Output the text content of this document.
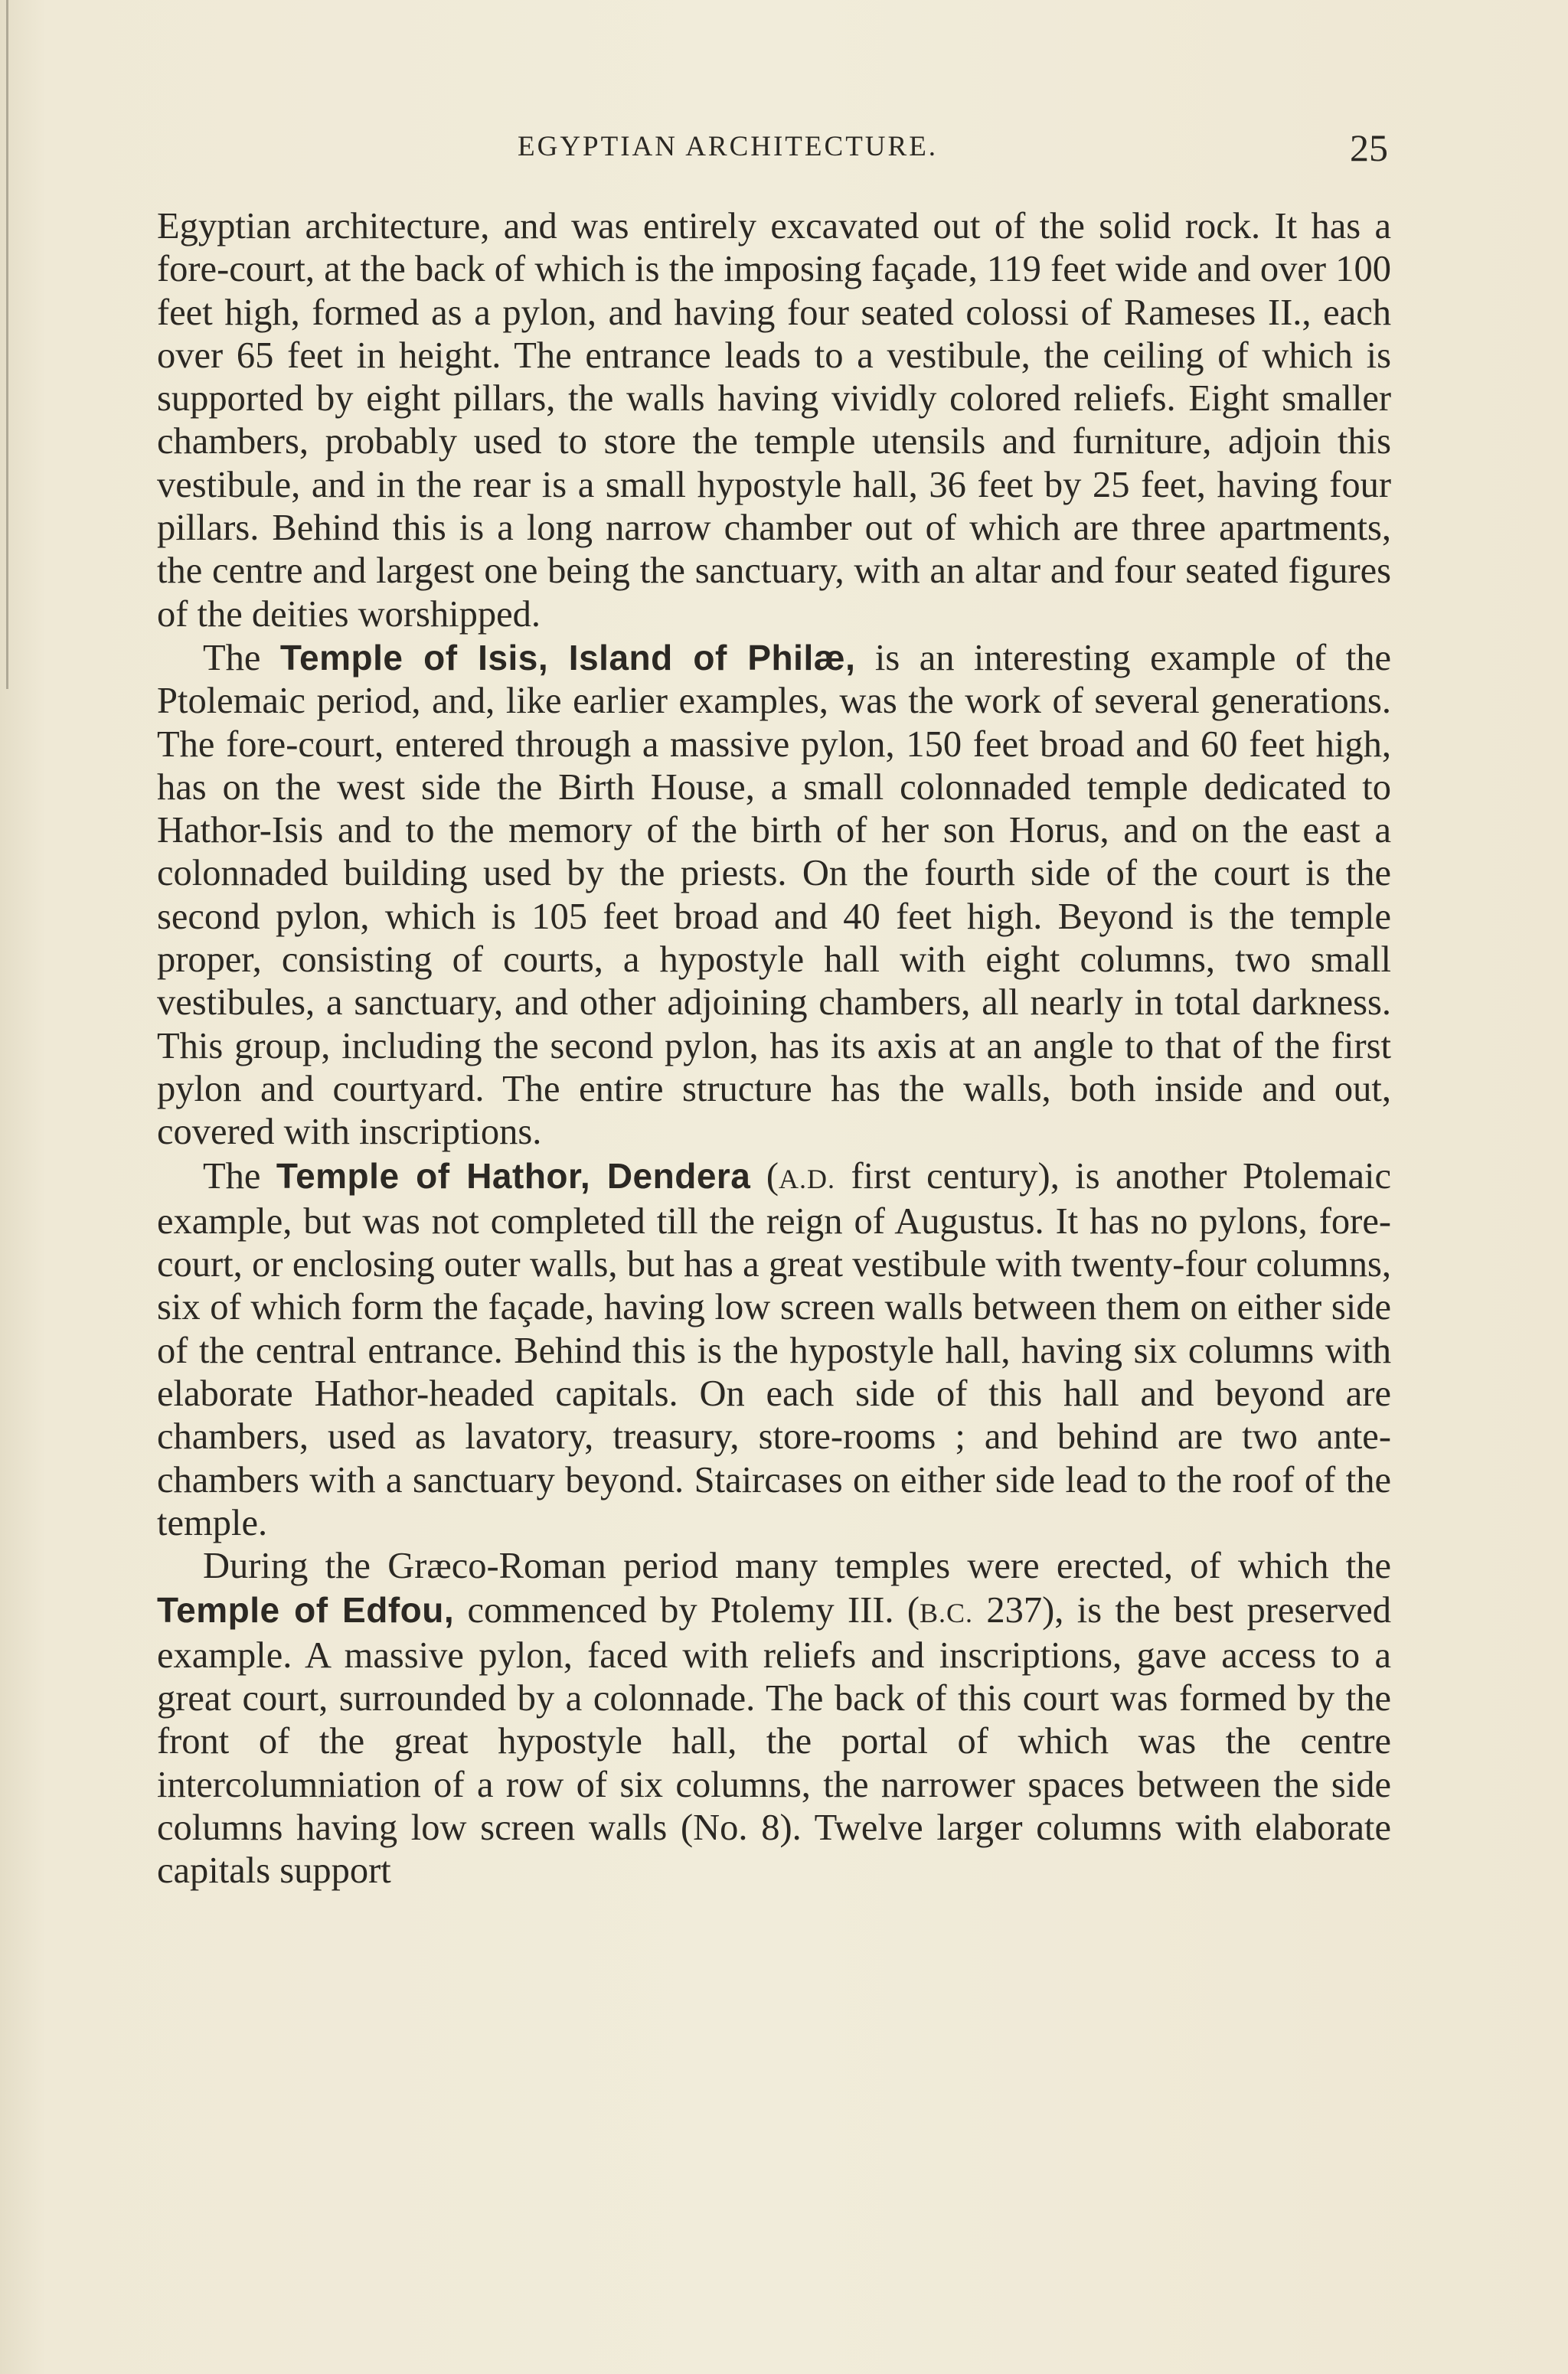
EGYPTIAN ARCHITECTURE.	25

Egyptian architecture, and was entirely excavated out of the solid rock. It has a fore-court, at the back of which is the imposing façade, 119 feet wide and over 100 feet high, formed as a pylon, and having four seated colossi of Rameses II., each over 65 feet in height. The entrance leads to a vestibule, the ceiling of which is supported by eight pillars, the walls having vividly colored reliefs. Eight smaller chambers, probably used to store the temple utensils and furniture, adjoin this vestibule, and in the rear is a small hypostyle hall, 36 feet by 25 feet, having four pillars. Behind this is a long narrow chamber out of which are three apartments, the centre and largest one being the sanctuary, with an altar and four seated figures of the deities worshipped.

The Temple of Isis, Island of Philæ, is an interesting example of the Ptolemaic period, and, like earlier examples, was the work of several generations. The fore-court, entered through a massive pylon, 150 feet broad and 60 feet high, has on the west side the Birth House, a small colonnaded temple dedicated to Hathor-Isis and to the memory of the birth of her son Horus, and on the east a colonnaded building used by the priests. On the fourth side of the court is the second pylon, which is 105 feet broad and 40 feet high. Beyond is the temple proper, consisting of courts, a hypostyle hall with eight columns, two small vestibules, a sanctuary, and other adjoining chambers, all nearly in total darkness. This group, including the second pylon, has its axis at an angle to that of the first pylon and courtyard. The entire structure has the walls, both inside and out, covered with inscriptions.

The Temple of Hathor, Dendera (A.D. first century), is another Ptolemaic example, but was not completed till the reign of Augustus. It has no pylons, fore-court, or enclosing outer walls, but has a great vestibule with twenty-four columns, six of which form the façade, having low screen walls between them on either side of the central entrance. Behind this is the hypostyle hall, having six columns with elaborate Hathor-headed capitals. On each side of this hall and beyond are chambers, used as lavatory, treasury, store-rooms ; and behind are two ante-chambers with a sanctuary beyond. Staircases on either side lead to the roof of the temple.

During the Græco-Roman period many temples were erected, of which the Temple of Edfou, commenced by Ptolemy III. (B.C. 237), is the best preserved example. A massive pylon, faced with reliefs and inscriptions, gave access to a great court, surrounded by a colonnade. The back of this court was formed by the front of the great hypostyle hall, the portal of which was the centre intercolumniation of a row of six columns, the narrower spaces between the side columns having low screen walls (No. 8). Twelve larger columns with elaborate capitals support
